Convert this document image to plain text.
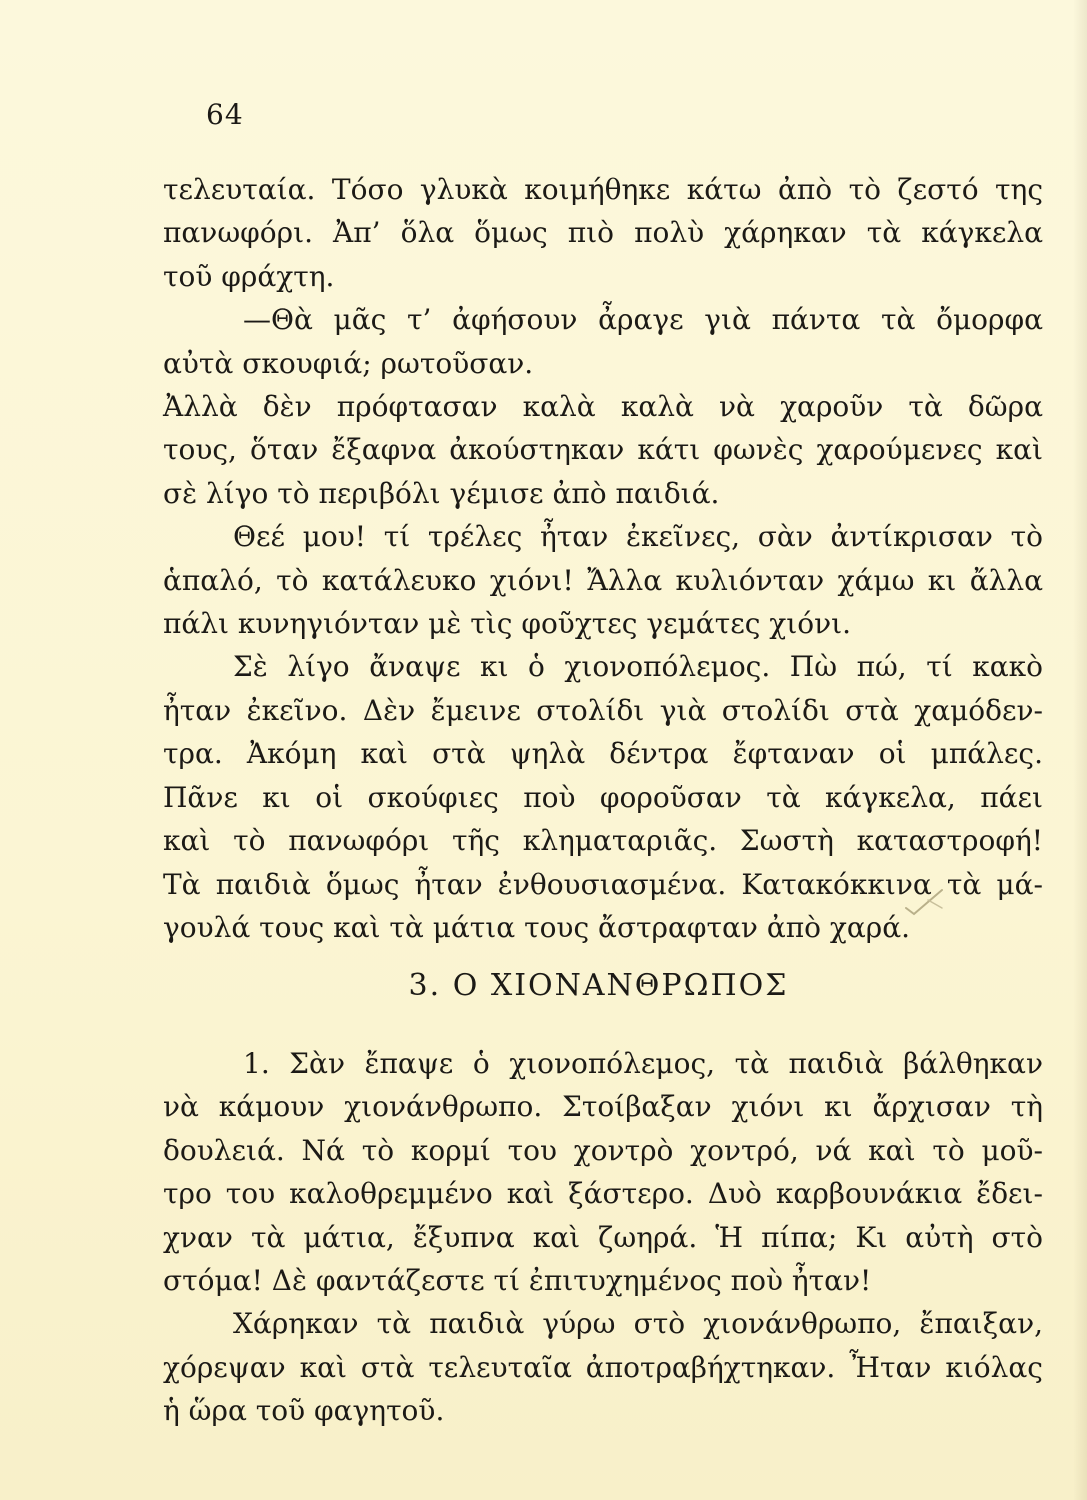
64
τελευταία. Τόσο γλυκὰ κοιμήθηκε κάτω ἀπὸ τὸ ζεστό της
πανωφόρι. Ἀπ’ ὅλα ὅμως πιὸ πολὺ χάρηκαν τὰ κάγκελα
τοῦ φράχτη.
—Θὰ μᾶς τ’ ἀφήσουν ἆραγε γιὰ πάντα τὰ ὄμορφα
αὐτὰ σκουφιά; ρωτοῦσαν.
Ἀλλὰ δὲν πρόφτασαν καλὰ καλὰ νὰ χαροῦν τὰ δῶρα
τους, ὅταν ἔξαφνα ἀκούστηκαν κάτι φωνὲς χαρούμενες καὶ
σὲ λίγο τὸ περιβόλι γέμισε ἀπὸ παιδιά.
Θεέ μου! τί τρέλες ἦταν ἐκεῖνες, σὰν ἀντίκρισαν τὸ
ἁπαλό, τὸ κατάλευκο χιόνι! Ἄλλα κυλιόνταν χάμω κι ἄλλα
πάλι κυνηγιόνταν μὲ τὶς φοῦχτες γεμάτες χιόνι.
Σὲ λίγο ἄναψε κι ὁ χιονοπόλεμος. Πὼ πώ, τί κακὸ
ἦταν ἐκεῖνο. Δὲν ἔμεινε στολίδι γιὰ στολίδι στὰ χαμόδεν-
τρα. Ἀκόμη καὶ στὰ ψηλὰ δέντρα ἔφταναν οἱ μπάλες.
Πᾶνε κι οἱ σκούφιες ποὺ φοροῦσαν τὰ κάγκελα, πάει
καὶ τὸ πανωφόρι τῆς κληματαριᾶς. Σωστὴ καταστροφή!
Τὰ παιδιὰ ὅμως ἦταν ἐνθουσιασμένα. Κατακόκκινα τὰ μά-
γουλά τους καὶ τὰ μάτια τους ἄστραφταν ἀπὸ χαρά.
3. Ο ΧΙΟΝΑΝΘΡΩΠΟΣ
1. Σὰν ἔπαψε ὁ χιονοπόλεμος, τὰ παιδιὰ βάλθηκαν
νὰ κάμουν χιονάνθρωπο. Στοίβαξαν χιόνι κι ἄρχισαν τὴ
δουλειά. Νά τὸ κορμί του χοντρὸ χοντρό, νά καὶ τὸ μοῦ-
τρο του καλοθρεμμένο καὶ ξάστερο. Δυὸ καρβουνάκια ἔδει-
χναν τὰ μάτια, ἔξυπνα καὶ ζωηρά. Ἡ πίπα; Κι αὐτὴ στὸ
στόμα! Δὲ φαντάζεστε τί ἐπιτυχημένος ποὺ ἦταν!
Χάρηκαν τὰ παιδιὰ γύρω στὸ χιονάνθρωπο, ἔπαιξαν,
χόρεψαν καὶ στὰ τελευταῖα ἀποτραβήχτηκαν. Ἦταν κιόλας
ἡ ὥρα τοῦ φαγητοῦ.
